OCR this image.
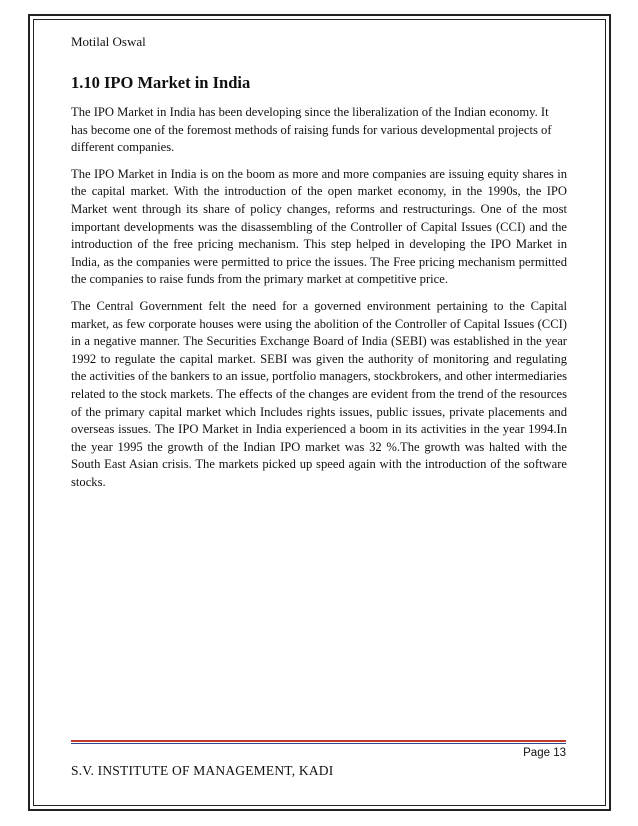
Motilal Oswal
1.10 IPO Market in India

The IPO Market in India has been developing since the liberalization of the Indian economy. It has become one of the foremost methods of raising funds for various developmental projects of different companies.

The IPO Market in India is on the boom as more and more companies are issuing equity shares in the capital market. With the introduction of the open market economy, in the 1990s, the IPO Market went through its share of policy changes, reforms and restructurings. One of the most important developments was the disassembling of the Controller of Capital Issues (CCI) and the introduction of the free pricing mechanism. This step helped in developing the IPO Market in India, as the companies were permitted to price the issues. The Free pricing mechanism permitted the companies to raise funds from the primary market at competitive price.

The Central Government felt the need for a governed environment pertaining to the Capital market, as few corporate houses were using the abolition of the Controller of Capital Issues (CCI) in a negative manner. The Securities Exchange Board of India (SEBI) was established in the year 1992 to regulate the capital market. SEBI was given the authority of monitoring and regulating the activities of the bankers to an issue, portfolio managers, stockbrokers, and other intermediaries related to the stock markets. The effects of the changes are evident from the trend of the resources of the primary capital market which Includes rights issues, public issues, private placements and overseas issues. The IPO Market in India experienced a boom in its activities in the year 1994.In the year 1995 the growth of the Indian IPO market was 32 %.The growth was halted with the South East Asian crisis. The markets picked up speed again with the introduction of the software stocks.

Page 13
S.V. INSTITUTE OF MANAGEMENT, KADI
